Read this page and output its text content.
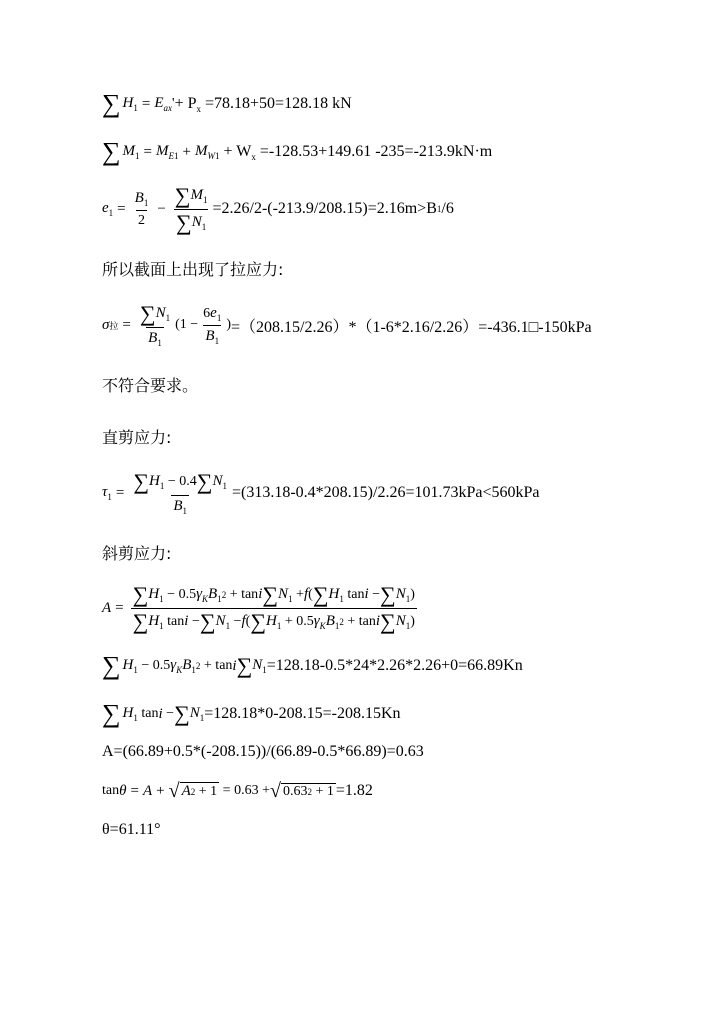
∑ $H_1 = E_{ax}$ ' + $P_x = 78.18+50=128.18$ kN
∑ $M_1 = M_{E1} + M_{W1} + W_x = -128.53+149.61$ -235=-213.9kN·m
$e_1 = \frac{B_1}{2} - \frac{\sum M_1}{\sum N_1} = 2.26/2-(-213.9/208.15)=2.16m>B$ 1 /6
所以截面上出现了拉应力:
σ 拉 = $\frac{\sum N_1}{B_1} (1 - \frac{6 e_1}{B_1}$ ) =（208.15/2.26）*（1-6*2.16/2.26）=-436.1□-150kPa
不符合要求。
直剪应力:
$\tau_1 = \frac{\sum H_1 - 0.4 \sum N_1}{B_1} = (313.18-0.4*208.15)/2.26=101.73kPa<560kPa$
斜剪应力:
$A = \frac{\sum H_1 - 0.5 \gamma_KB_1 2 + \tan i \sum N_1 + f ( \sum H_1 \tan i - \sum N_1 )}{\sum H_1 \tan i - \sum N_1 - f ( \sum H_1 + 0.5 \gamma_KB_1 2 + \tan i \sum N_1 )}$
∑ $H_1 - 0.5$ $\gamma_KB_1$ 2 + tan i ∑ $N_1 =128.18-0.5*24*2.26*2.26+0=66.89Kn$
∑ $H_1$ tan i − ∑ $N_1 =128.18*0-208.15=-208.15Kn$
A=(66.89+0.5*(-208.15))/(66.89-0.5*66.89)=0.63
tan θ = A + √ A 2 + 1 = 0.63 + √ 0.63 2 + 1 =1.82
θ=61.11°
